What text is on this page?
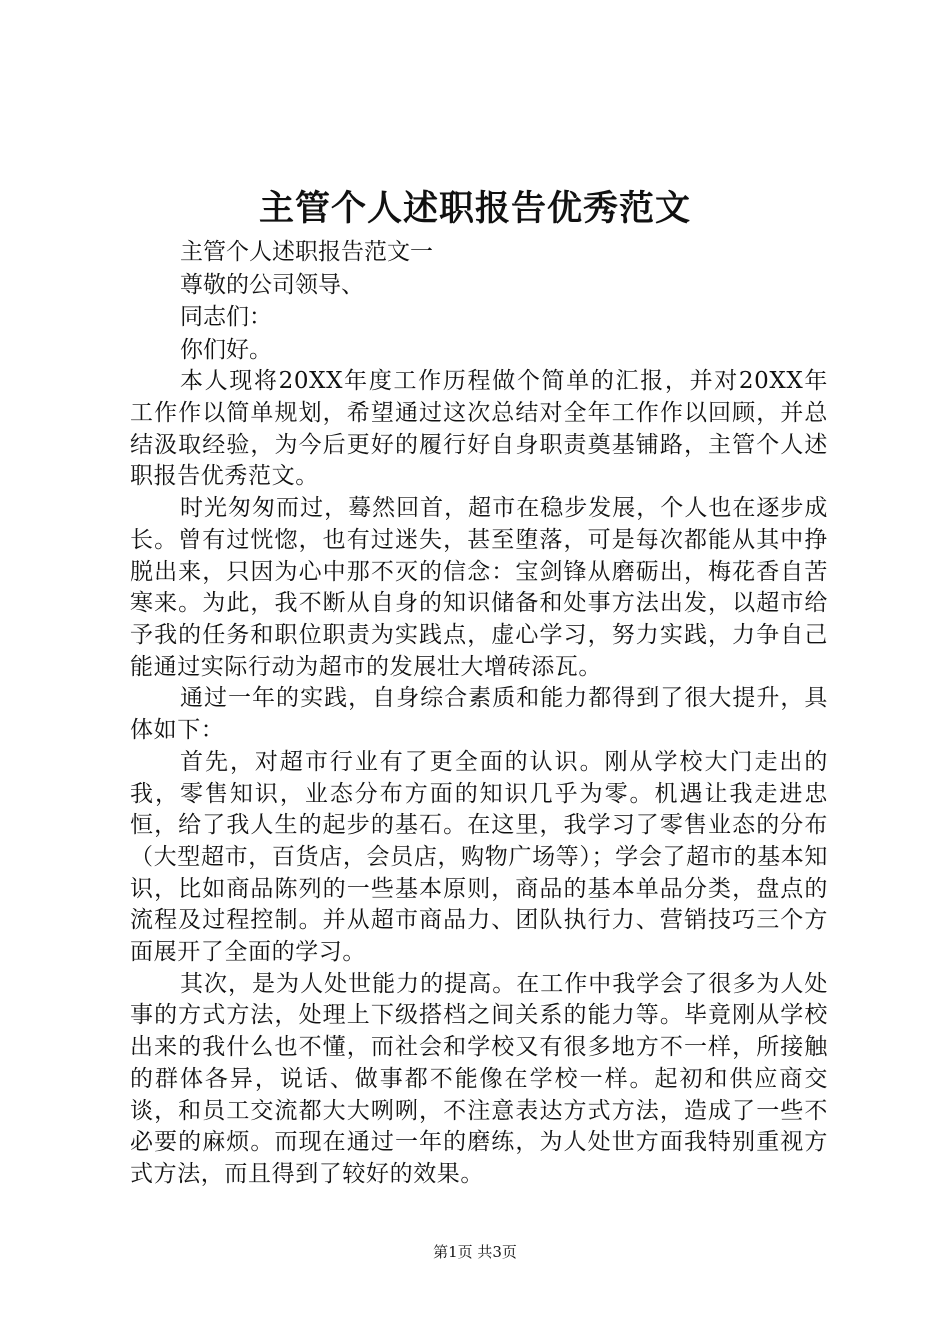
主管个人述职报告优秀范文

主管个人述职报告范文一

尊敬的公司领导、

同志们：

你们好。

本人现将20XX年度工作历程做个简单的汇报，并对20XX年工作作以简单规划，希望通过这次总结对全年工作作以回顾，并总结汲取经验，为今后更好的履行好自身职责奠基铺路，主管个人述职报告优秀范文。

时光匆匆而过，蓦然回首，超市在稳步发展，个人也在逐步成长。曾有过恍惚，也有过迷失，甚至堕落，可是每次都能从其中挣脱出来，只因为心中那不灭的信念：宝剑锋从磨砺出，梅花香自苦寒来。为此，我不断从自身的知识储备和处事方法出发，以超市给予我的任务和职位职责为实践点，虚心学习，努力实践，力争自己能通过实际行动为超市的发展壮大增砖添瓦。

通过一年的实践，自身综合素质和能力都得到了很大提升，具体如下：

首先，对超市行业有了更全面的认识。刚从学校大门走出的我，零售知识，业态分布方面的知识几乎为零。机遇让我走进忠恒，给了我人生的起步的基石。在这里，我学习了零售业态的分布（大型超市，百货店，会员店，购物广场等）；学会了超市的基本知识，比如商品陈列的一些基本原则，商品的基本单品分类，盘点的流程及过程控制。并从超市商品力、团队执行力、营销技巧三个方面展开了全面的学习。

其次，是为人处世能力的提高。在工作中我学会了很多为人处事的方式方法，处理上下级搭档之间关系的能力等。毕竟刚从学校出来的我什么也不懂，而社会和学校又有很多地方不一样，所接触的群体各异，说话、做事都不能像在学校一样。起初和供应商交谈，和员工交流都大大咧咧，不注意表达方式方法，造成了一些不必要的麻烦。而现在通过一年的磨练，为人处世方面我特别重视方式方法，而且得到了较好的效果。

第1页 共3页
